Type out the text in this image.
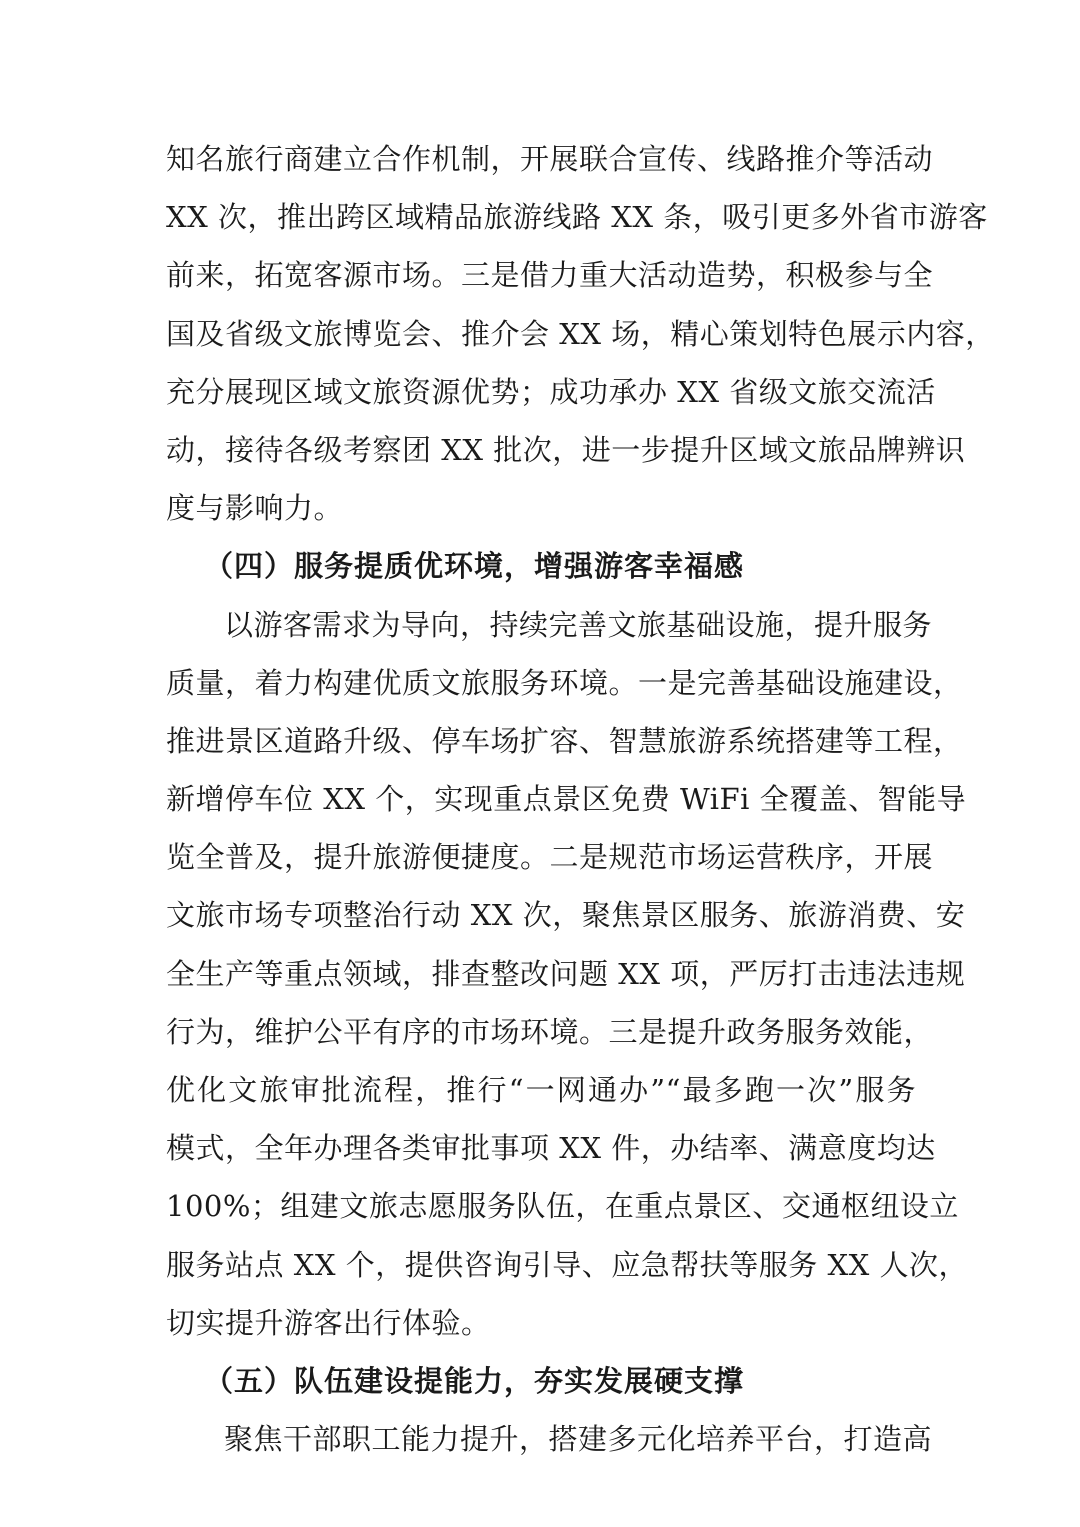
知名旅行商建立合作机制，开展联合宣传、线路推介等活动
XX 次，推出跨区域精品旅游线路 XX 条，吸引更多外省市游客
前来，拓宽客源市场。三是借力重大活动造势，积极参与全
国及省级文旅博览会、推介会 XX 场，精心策划特色展示内容，
充分展现区域文旅资源优势；成功承办 XX 省级文旅交流活
动，接待各级考察团 XX 批次，进一步提升区域文旅品牌辨识
度与影响力。
（四）服务提质优环境，增强游客幸福感
以游客需求为导向，持续完善文旅基础设施，提升服务
质量，着力构建优质文旅服务环境。一是完善基础设施建设，
推进景区道路升级、停车场扩容、智慧旅游系统搭建等工程，
新增停车位 XX 个，实现重点景区免费 WiFi 全覆盖、智能导
览全普及，提升旅游便捷度。二是规范市场运营秩序，开展
文旅市场专项整治行动 XX 次，聚焦景区服务、旅游消费、安
全生产等重点领域，排查整改问题 XX 项，严厉打击违法违规
行为，维护公平有序的市场环境。三是提升政务服务效能，
优化文旅审批流程，推行“一网通办”“最多跑一次”服务
模式，全年办理各类审批事项 XX 件，办结率、满意度均达
100%；组建文旅志愿服务队伍，在重点景区、交通枢纽设立
服务站点 XX 个，提供咨询引导、应急帮扶等服务 XX 人次，
切实提升游客出行体验。
（五）队伍建设提能力，夯实发展硬支撑
聚焦干部职工能力提升，搭建多元化培养平台，打造高
